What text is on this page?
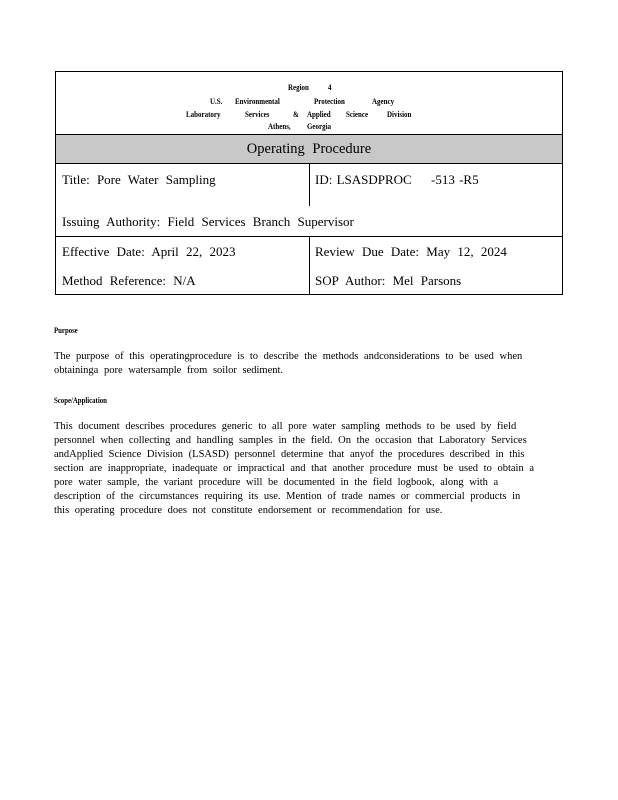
Region 4
U.S. Environmental	Protection	Agency
Laboratory	Services	& Applied Science Division
Athens, Georgia
Operating Procedure
Title: Pore Water Sampling	ID: LSASDPROC -513 -R5
Issuing Authority: Field Services Branch Supervisor
Effective Date: April 22, 2023	Review Due Date: May 12, 2024
Method Reference: N/A	SOP Author: Mel Parsons
Purpose
The purpose of this operatingprocedure is to describe the methods andconsiderations to be used when
obtaininga pore watersample from soilor sediment.
Scope/Application
This document describes procedures generic to all pore water sampling methods to be used by field
personnel when collecting and handling samples in the field. On the occasion that Laboratory Services
andApplied Science Division (LSASD) personnel determine that anyof the procedures described in this
section are inappropriate, inadequate or impractical and that another procedure must be used to obtain a
pore water sample, the variant procedure will be documented in the field logbook, along with a
description of the circumstances requiring its use. Mention of trade names or commercial products in
this operating procedure does not constitute endorsement or recommendation for use.
